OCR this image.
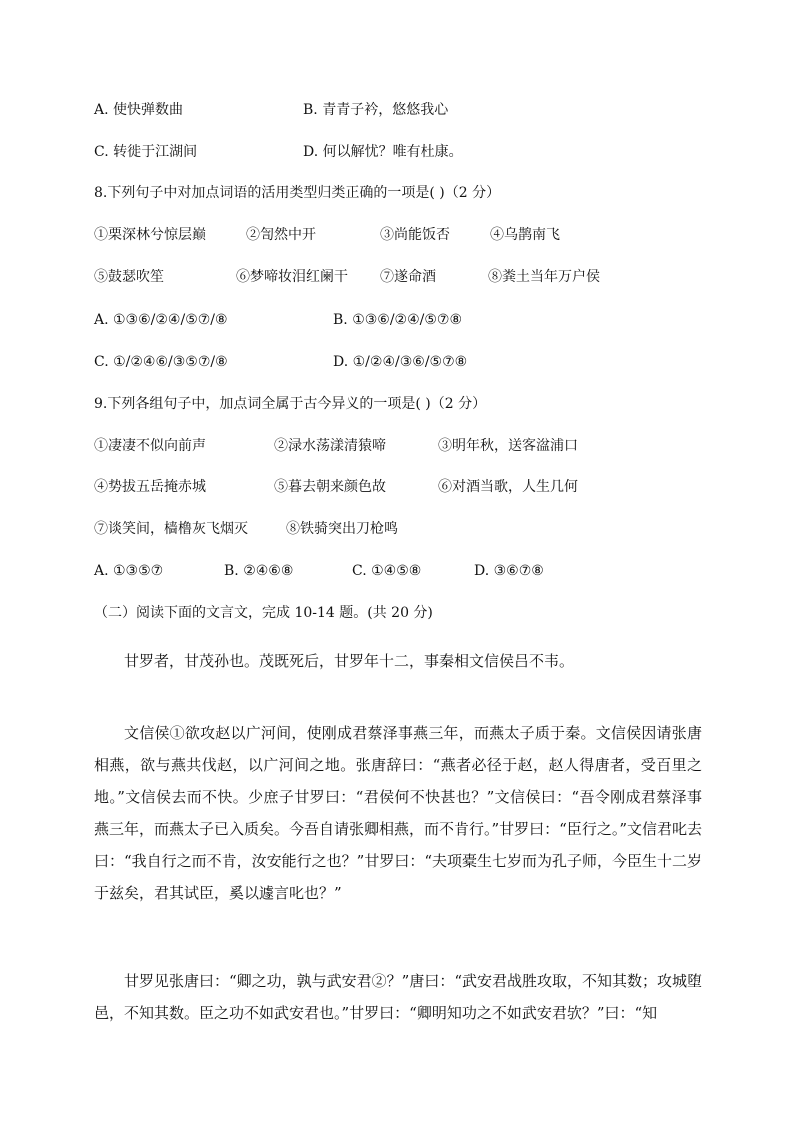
A. 使快弹数曲	B. 青青子衿，悠悠我心
C. 转徙于江湖间	D. 何以解忧？唯有杜康。
8.下列句子中对加点词语的活用类型归类正确的一项是( )（2 分）
①栗深林兮惊层巅	②訇然中开	③尚能饭否	④乌鹊南飞
⑤鼓瑟吹笙	⑥梦啼妆泪红阑干 ⑦遂命酒	⑧粪土当年万户侯
A. ①③⑥/②④/⑤⑦/⑧	B. ①③⑥/②④/⑤⑦⑧
C. ①/②④⑥/③⑤⑦/⑧	D. ①/②④/③⑥/⑤⑦⑧
9.下列各组句子中，加点词全属于古今异义的一项是( )（2 分）
①凄凄不似向前声	②渌水荡漾清猿啼	③明年秋，送客湓浦口
④势拔五岳掩赤城	⑤暮去朝来颜色故	⑥对酒当歌，人生几何
⑦谈笑间，樯橹灰飞烟灭	⑧铁骑突出刀枪鸣
A. ①③⑤⑦	B. ②④⑥⑧	C. ①④⑤⑧	D. ③⑥⑦⑧
（二）阅读下面的文言文，完成 10-14 题。(共 20 分)
甘罗者，甘茂孙也。茂既死后，甘罗年十二，事秦相文信侯吕不韦。
文信侯①欲攻赵以广河间，使刚成君蔡泽事燕三年，而燕太子质于秦。文信侯因请张唐相燕，欲与燕共伐赵，以广河间之地。张唐辞曰：“燕者必径于赵，赵人得唐者，受百里之地。”文信侯去而不快。少庶子甘罗曰：“君侯何不快甚也？”文信侯曰：“吾令刚成君蔡泽事燕三年，而燕太子已入质矣。今吾自请张卿相燕，而不肯行。”甘罗曰：“臣行之。”文信君叱去曰：“我自行之而不肯，汝安能行之也？”甘罗曰：“夫项橐生七岁而为孔子师，今臣生十二岁于兹矣，君其试臣，奚以遽言叱也？”
甘罗见张唐曰：“卿之功，孰与武安君②？”唐曰：“武安君战胜攻取，不知其数；攻城堕邑，不知其数。臣之功不如武安君也。”甘罗曰：“卿明知功之不如武安君欤？”曰：“知
